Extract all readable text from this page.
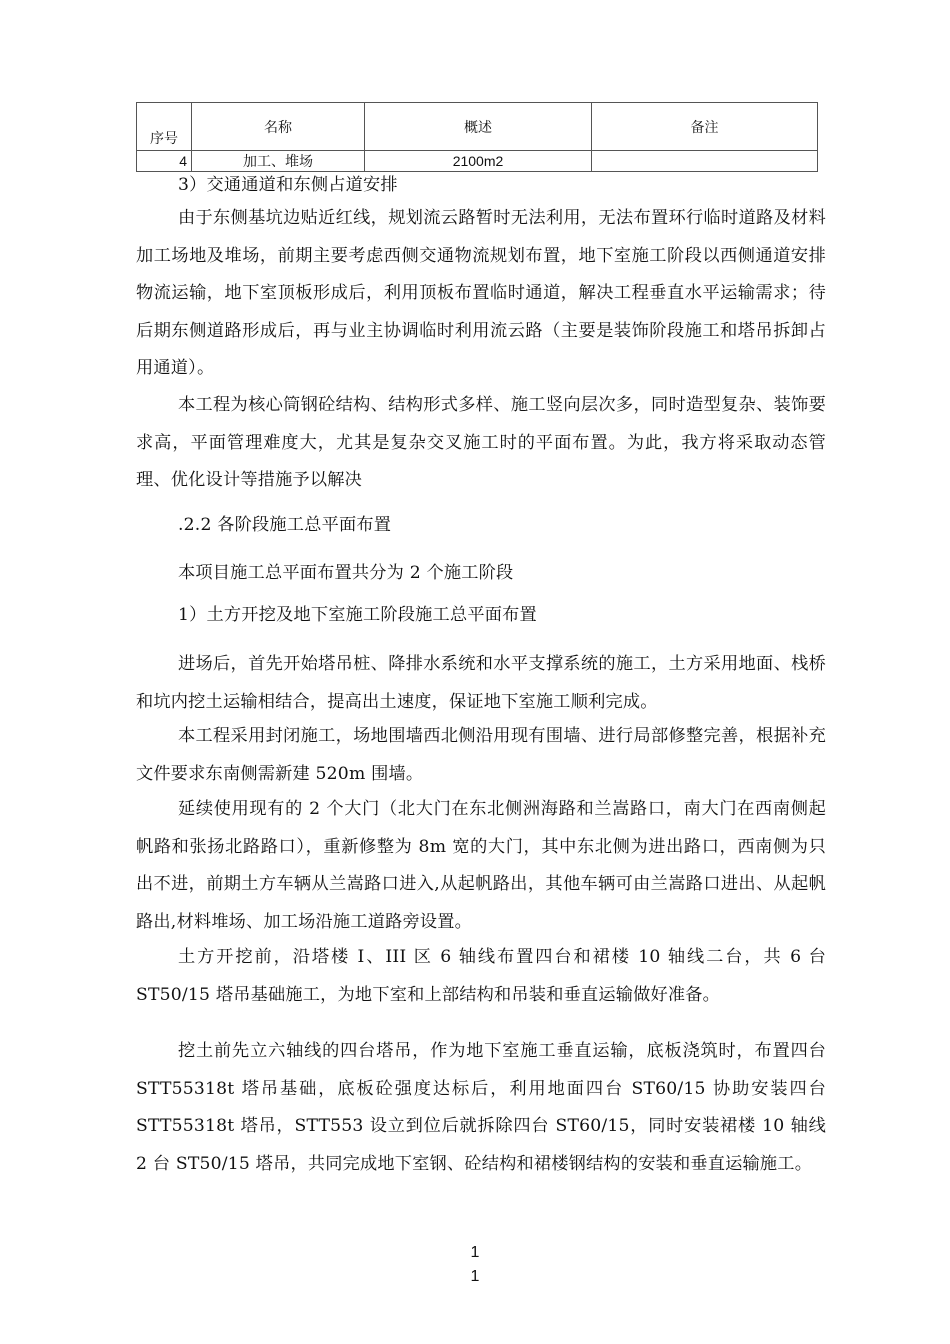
序号	名称	概述	备注
4	加工、堆场	2100m2	

3）交通通道和东侧占道安排

由于东侧基坑边贴近红线，规划流云路暂时无法利用，无法布置环行临时道路及材料加工场地及堆场，前期主要考虑西侧交通物流规划布置，地下室施工阶段以西侧通道安排物流运输，地下室顶板形成后，利用顶板布置临时通道，解决工程垂直水平运输需求；待后期东侧道路形成后，再与业主协调临时利用流云路（主要是装饰阶段施工和塔吊拆卸占用通道）。

本工程为核心筒钢砼结构、结构形式多样、施工竖向层次多，同时造型复杂、装饰要求高，平面管理难度大，尤其是复杂交叉施工时的平面布置。为此，我方将采取动态管理、优化设计等措施予以解决

.2.2 各阶段施工总平面布置

本项目施工总平面布置共分为 2 个施工阶段

1）土方开挖及地下室施工阶段施工总平面布置

进场后，首先开始塔吊桩、降排水系统和水平支撑系统的施工，土方采用地面、栈桥和坑内挖土运输相结合，提高出土速度，保证地下室施工顺利完成。

本工程采用封闭施工，场地围墙西北侧沿用现有围墙、进行局部修整完善，根据补充文件要求东南侧需新建 520m 围墙。

延续使用现有的 2 个大门（北大门在东北侧洲海路和兰嵩路口，南大门在西南侧起帆路和张扬北路路口），重新修整为 8m 宽的大门，其中东北侧为进出路口，西南侧为只出不进，前期土方车辆从兰嵩路口进入,从起帆路出，其他车辆可由兰嵩路口进出、从起帆路出,材料堆场、加工场沿施工道路旁设置。

土方开挖前，沿塔楼 I、III 区 6 轴线布置四台和裙楼 10 轴线二台，共 6 台 ST50/15 塔吊基础施工，为地下室和上部结构和吊装和垂直运输做好准备。

挖土前先立六轴线的四台塔吊，作为地下室施工垂直运输，底板浇筑时，布置四台 STT55318t 塔吊基础，底板砼强度达标后，利用地面四台 ST60/15 协助安装四台 STT55318t 塔吊，STT553 设立到位后就拆除四台 ST60/15，同时安装裙楼 10 轴线 2 台 ST50/15 塔吊，共同完成地下室钢、砼结构和裙楼钢结构的安装和垂直运输施工。

1
1
